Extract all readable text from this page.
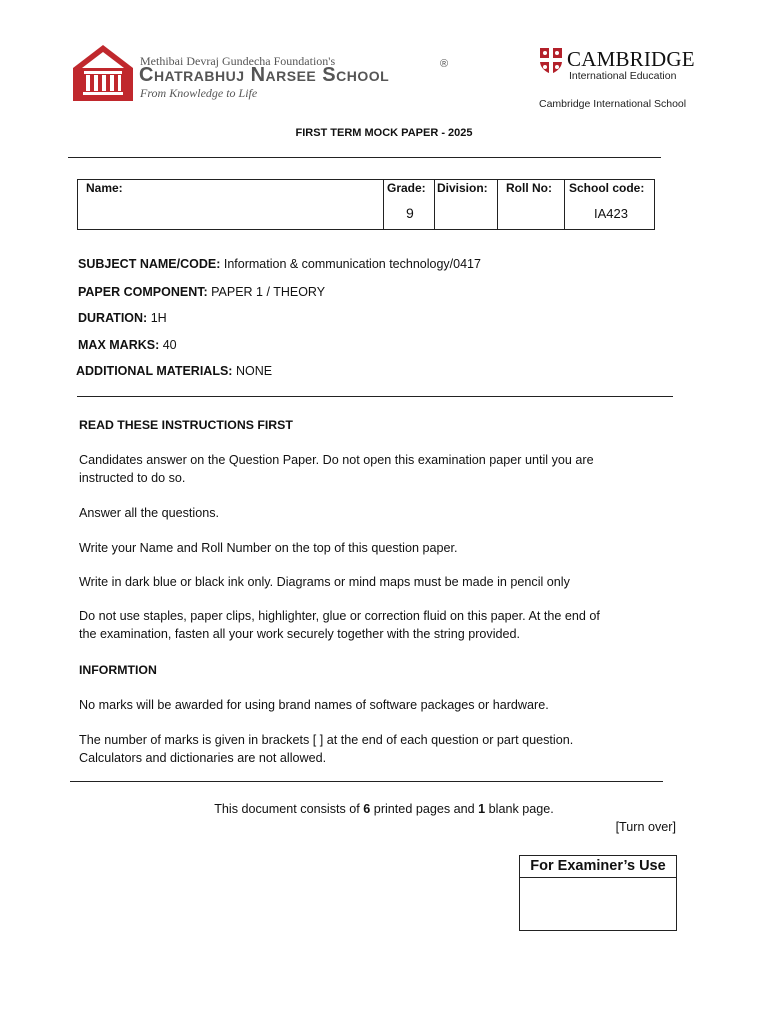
Methibai Devraj Gundecha Foundation's
Chatrabhuj Narsee School	®
From Knowledge to Life
CAMBRIDGE
International Education
Cambridge International School
FIRST TERM MOCK PAPER - 2025
Name:	Grade:
9
Division: Roll No: School code:
IA423
SUBJECT NAME/CODE: Information & communication technology/0417
PAPER COMPONENT: PAPER 1 / THEORY
DURATION: 1H
MAX MARKS: 40
ADDITIONAL MATERIALS: NONE
READ THESE INSTRUCTIONS FIRST
Candidates answer on the Question Paper. Do not open this examination paper until you are
instructed to do so.
Answer all the questions.
Write your Name and Roll Number on the top of this question paper.
Write in dark blue or black ink only. Diagrams or mind maps must be made in pencil only
Do not use staples, paper clips, highlighter, glue or correction fluid on this paper. At the end of
the examination, fasten all your work securely together with the string provided.
INFORMTION
No marks will be awarded for using brand names of software packages or hardware.
The number of marks is given in brackets [ ] at the end of each question or part question.
Calculators and dictionaries are not allowed.
This document consists of 6 printed pages and 1 blank page.
[Turn over]
For Examiner’s Use
